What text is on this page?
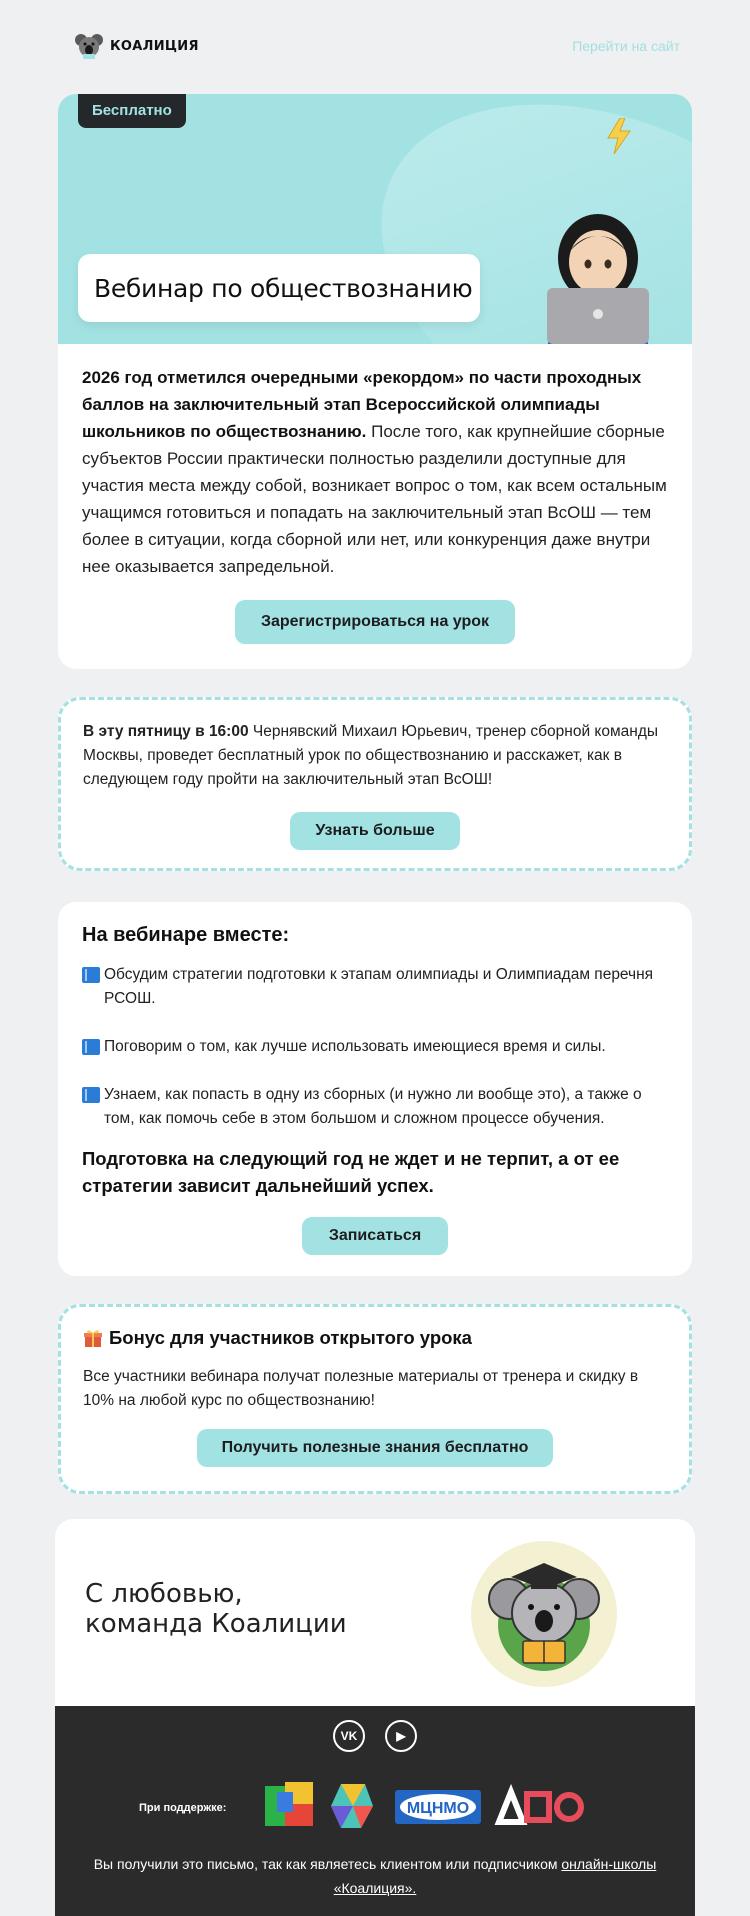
КОАЛИЦИЯ	Перейти на сайт
Бесплатно
Вебинар по обществознанию

2026 год отметился очередными «рекордом» по части проходных баллов на заключительный этап Всероссийской олимпиады школьников по обществознанию. После того, как крупнейшие сборные субъектов России практически полностью разделили доступные для участия места между собой, возникает вопрос о том, как всем остальным учащимся готовиться и попадать на заключительный этап ВсОШ — тем более в ситуации, когда сборной или нет, или конкуренция даже внутри нее оказывается запредельной.

Зарегистрироваться на урок

В эту пятницу в 16:00 Чернявский Михаил Юрьевич, тренер сборной команды Москвы, проведет бесплатный урок по обществознанию и расскажет, как в следующем году пройти на заключительный этап ВсОШ!

Узнать больше
На вебинаре вместе:
Обсудим стратегии подготовки к этапам олимпиады и Олимпиадам перечня РСОШ.
Поговорим о том, как лучше использовать имеющиеся время и силы.
Узнаем, как попасть в одну из сборных (и нужно ли вообще это), а также о том, как помочь себе в этом большом и сложном процессе обучения.

Подготовка на следующий год не ждет и не терпит, а от ее стратегии зависит дальнейший успех.

Записаться
Бонус для участников открытого урока

Все участники вебинара получат полезные материалы от тренера и скидку в 10% на любой курс по обществознанию!

Получить полезные знания бесплатно
С любовью,
команда Коалиции
VK	▶
При поддержке:	МЦНМО
Вы получили это письмо, так как являетесь клиентом или подписчиком онлайн-школы «Коалиция».
